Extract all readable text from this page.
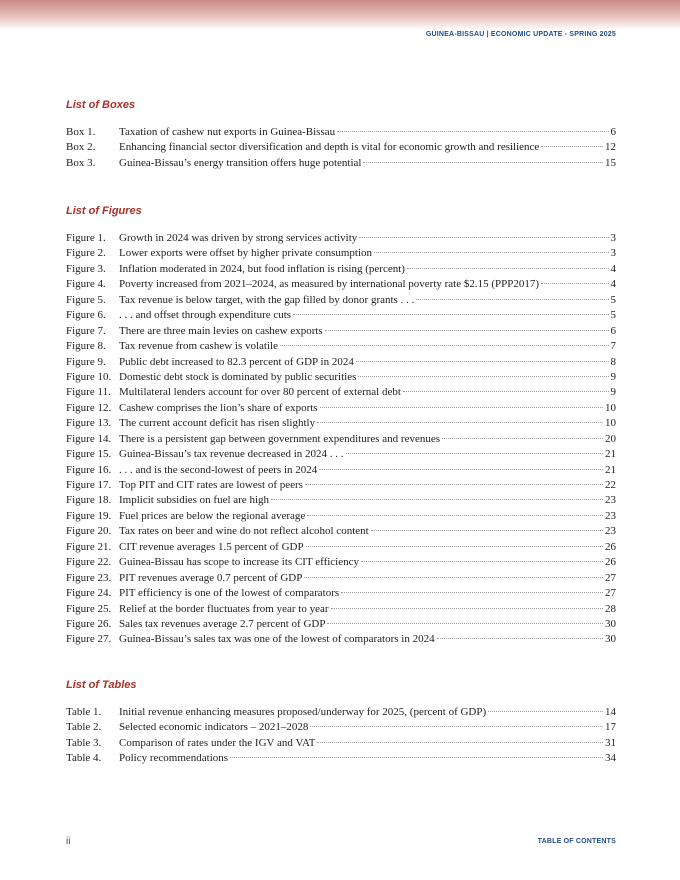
GUINEA-BISSAU | ECONOMIC UPDATE - SPRING 2025
List of Boxes
Box 1.	Taxation of cashew nut exports in Guinea-Bissau	6
Box 2.	Enhancing financial sector diversification and depth is vital for economic growth and resilience	12
Box 3.	Guinea-Bissau’s energy transition offers huge potential	15
List of Figures
Figure 1.	Growth in 2024 was driven by strong services activity	3
Figure 2.	Lower exports were offset by higher private consumption	3
Figure 3.	Inflation moderated in 2024, but food inflation is rising (percent)	4
Figure 4.	Poverty increased from 2021–2024, as measured by international poverty rate $2.15 (PPP2017)	4
Figure 5.	Tax revenue is below target, with the gap filled by donor grants . . .	5
Figure 6.	. . . and offset through expenditure cuts	5
Figure 7.	There are three main levies on cashew exports	6
Figure 8.	Tax revenue from cashew is volatile	7
Figure 9.	Public debt increased to 82.3 percent of GDP in 2024	8
Figure 10. Domestic debt stock is dominated by public securities	9
Figure 11. Multilateral lenders account for over 80 percent of external debt	9
Figure 12. Cashew comprises the lion’s share of exports	10
Figure 13. The current account deficit has risen slightly	10
Figure 14. There is a persistent gap between government expenditures and revenues	20
Figure 15. Guinea-Bissau’s tax revenue decreased in 2024 . . .	21
Figure 16. . . . and is the second-lowest of peers in 2024	21
Figure 17. Top PIT and CIT rates are lowest of peers	22
Figure 18. Implicit subsidies on fuel are high	23
Figure 19. Fuel prices are below the regional average	23
Figure 20. Tax rates on beer and wine do not reflect alcohol content	23
Figure 21. CIT revenue averages 1.5 percent of GDP	26
Figure 22. Guinea-Bissau has scope to increase its CIT efficiency	26
Figure 23. PIT revenues average 0.7 percent of GDP	27
Figure 24. PIT efficiency is one of the lowest of comparators	27
Figure 25. Relief at the border fluctuates from year to year	28
Figure 26. Sales tax revenues average 2.7 percent of GDP	30
Figure 27. Guinea-Bissau’s sales tax was one of the lowest of comparators in 2024	30
List of Tables
Table 1.	Initial revenue enhancing measures proposed/underway for 2025, (percent of GDP)	14
Table 2.	Selected economic indicators – 2021–2028	17
Table 3.	Comparison of rates under the IGV and VAT	31
Table 4.	Policy recommendations	34
ii	TABLE OF CONTENTS
